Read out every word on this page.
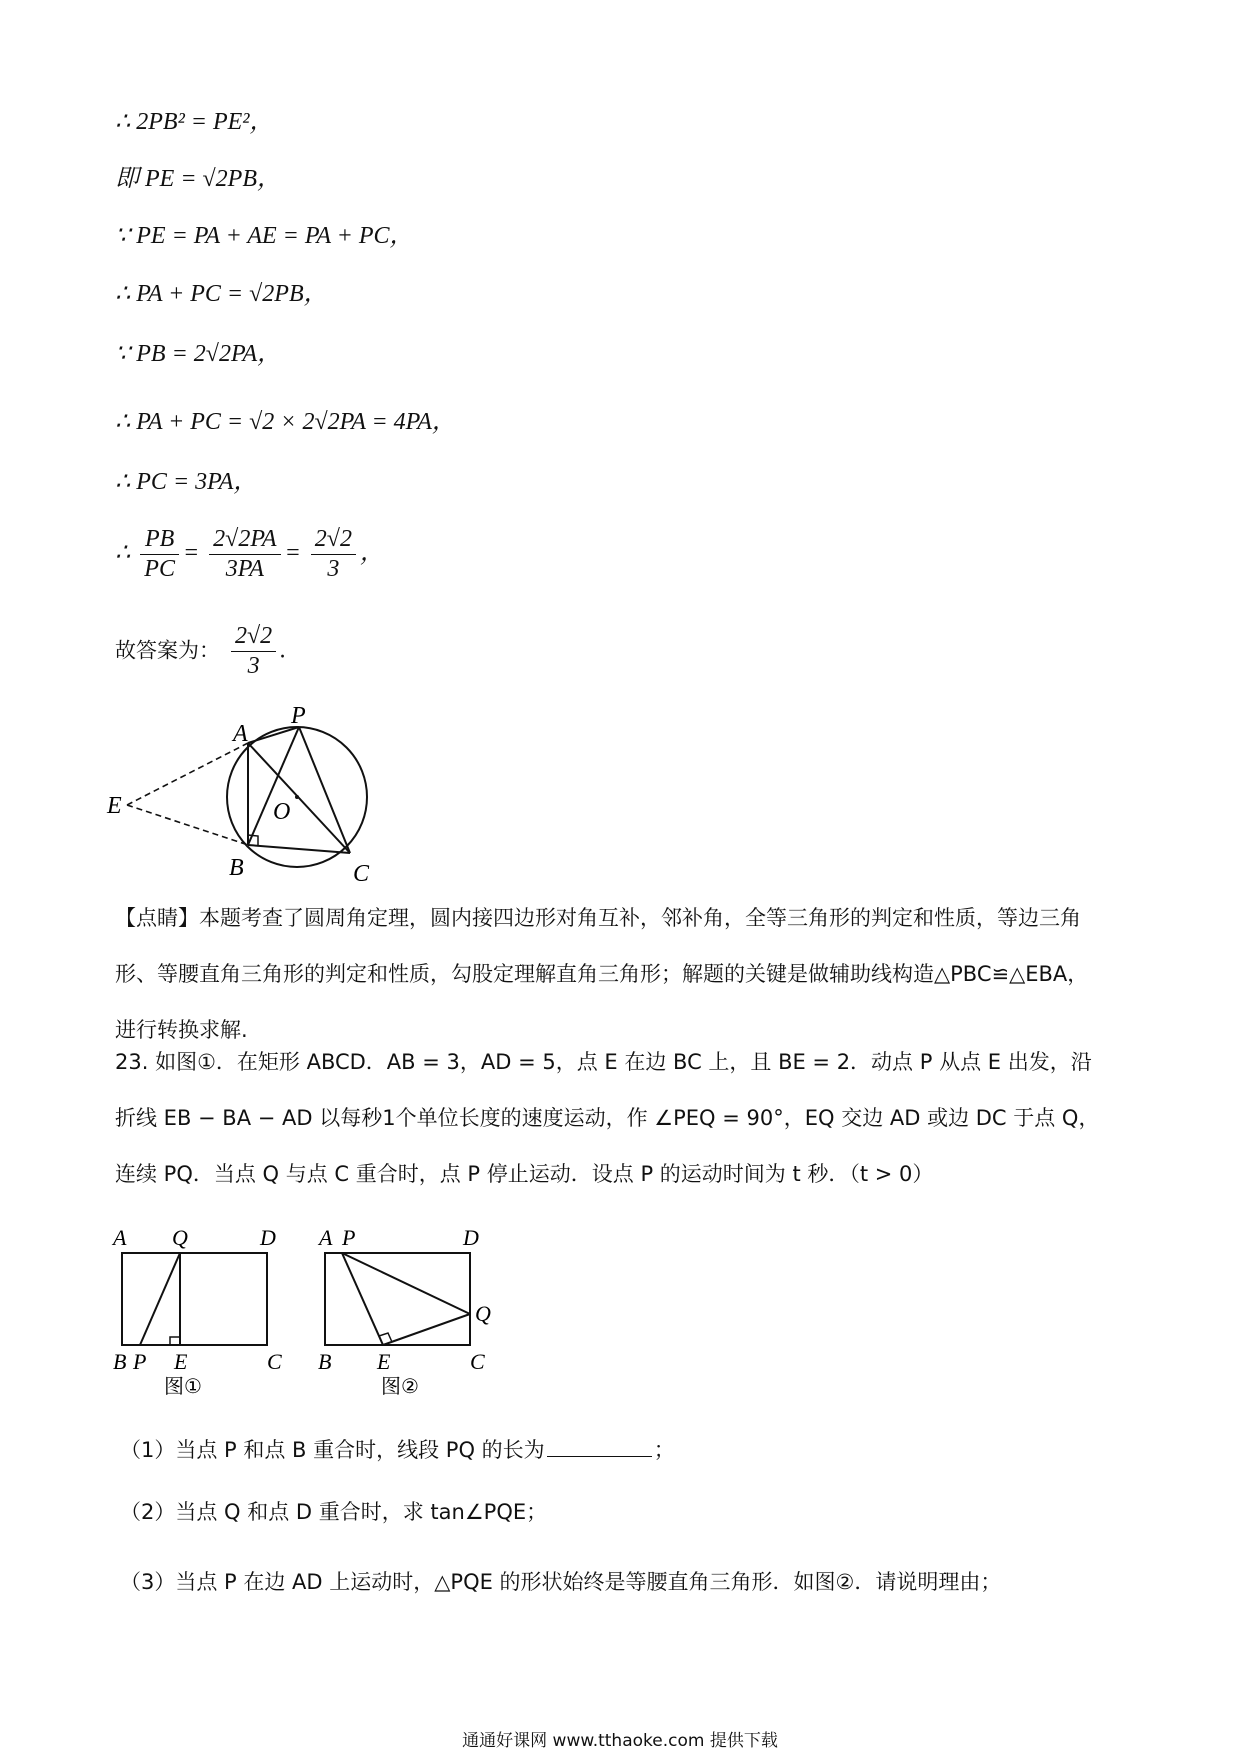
∴ 2PB² = PE²，
即 PE = √2PB，
∵ PE = PA + AE = PA + PC，
∴ PA + PC = √2PB，
∵ PB = 2√2PA，
∴ PA + PC = √2 × 2√2PA = 4PA，
∴ PC = 3PA，
∴ $\frac{PB}{PC} = \frac{2√2PA}{3PA} = \frac{2√2}{3}$ ，
故答案为： $\frac{2√2}{3}$ .
A
P
E	O
B	C
【点睛】本题考查了圆周角定理，圆内接四边形对角互补，邻补角，全等三角形的判定和性质，等边三角
形、等腰直角三角形的判定和性质，勾股定理解直角三角形；解题的关键是做辅助线构造△PBC≌△EBA，
进行转换求解.
23. 如图①．在矩形 ABCD．AB = 3，AD = 5，点 E 在边 BC 上，且 BE = 2．动点 P 从点 E 出发，沿
折线 EB − BA − AD 以每秒1个单位长度的速度运动，作 ∠PEQ = 90°，EQ 交边 AD 或边 DC 于点 Q，
连续 PQ．当点 Q 与点 C 重合时，点 P 停止运动．设点 P 的运动时间为 t 秒．（t > 0）
A Q	D
B P E	C
图①
A P	D
Q
B E	C
图②
（1）当点 P 和点 B 重合时，线段 PQ 的长为	；
（2）当点 Q 和点 D 重合时，求 tan∠PQE；
（3）当点 P 在边 AD 上运动时，△PQE 的形状始终是等腰直角三角形．如图②．请说明理由；
通通好课网 www.tthaoke.com 提供下载
